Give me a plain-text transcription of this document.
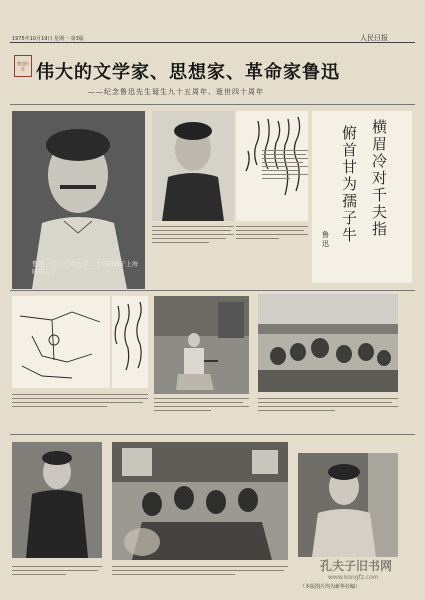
1975年10月19日 星期一 第3版	人民日报
鲁迅纪念 伟大的文学家、思想家、革命家鲁迅
——纪念鲁迅先生诞生九十五周年、逝世四十周年
鲁迅 一九三〇年九月 二十四日摄于上海 时年五十
横眉冷对千夫指
俯首甘为孺子牛
鲁迅
（本版图片均为新华社稿）
孔夫子旧书网
www.kongfz.com
